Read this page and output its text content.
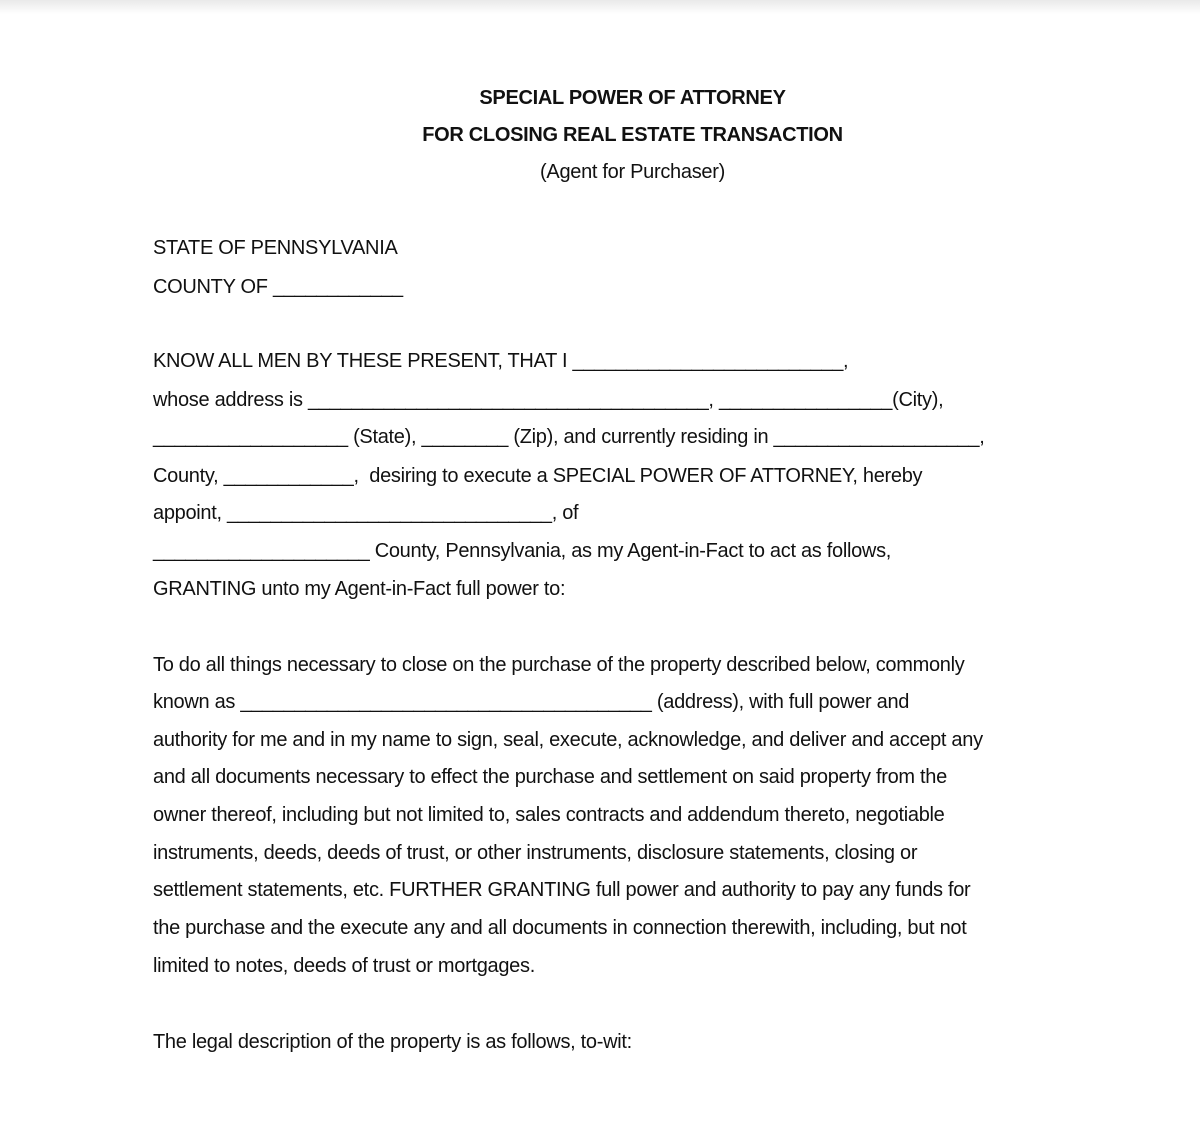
SPECIAL POWER OF ATTORNEY
FOR CLOSING REAL ESTATE TRANSACTION
(Agent for Purchaser)
STATE OF PENNSYLVANIA
COUNTY OF ____________
KNOW ALL MEN BY THESE PRESENT, THAT I _________________________,
whose address is _____________________________________, ________________(City),
__________________ (State), ________ (Zip), and currently residing in ___________________,
County, ____________,  desiring to execute a SPECIAL POWER OF ATTORNEY, hereby
appoint, ______________________________, of
____________________ County, Pennsylvania, as my Agent-in-Fact to act as follows,
GRANTING unto my Agent-in-Fact full power to:
To do all things necessary to close on the purchase of the property described below, commonly
known as ______________________________________ (address), with full power and
authority for me and in my name to sign, seal, execute, acknowledge, and deliver and accept any
and all documents necessary to effect the purchase and settlement on said property from the
owner thereof, including but not limited to, sales contracts and addendum thereto, negotiable
instruments, deeds, deeds of trust, or other instruments, disclosure statements, closing or
settlement statements, etc. FURTHER GRANTING full power and authority to pay any funds for
the purchase and the execute any and all documents in connection therewith, including, but not
limited to notes, deeds of trust or mortgages.
The legal description of the property is as follows, to-wit:
